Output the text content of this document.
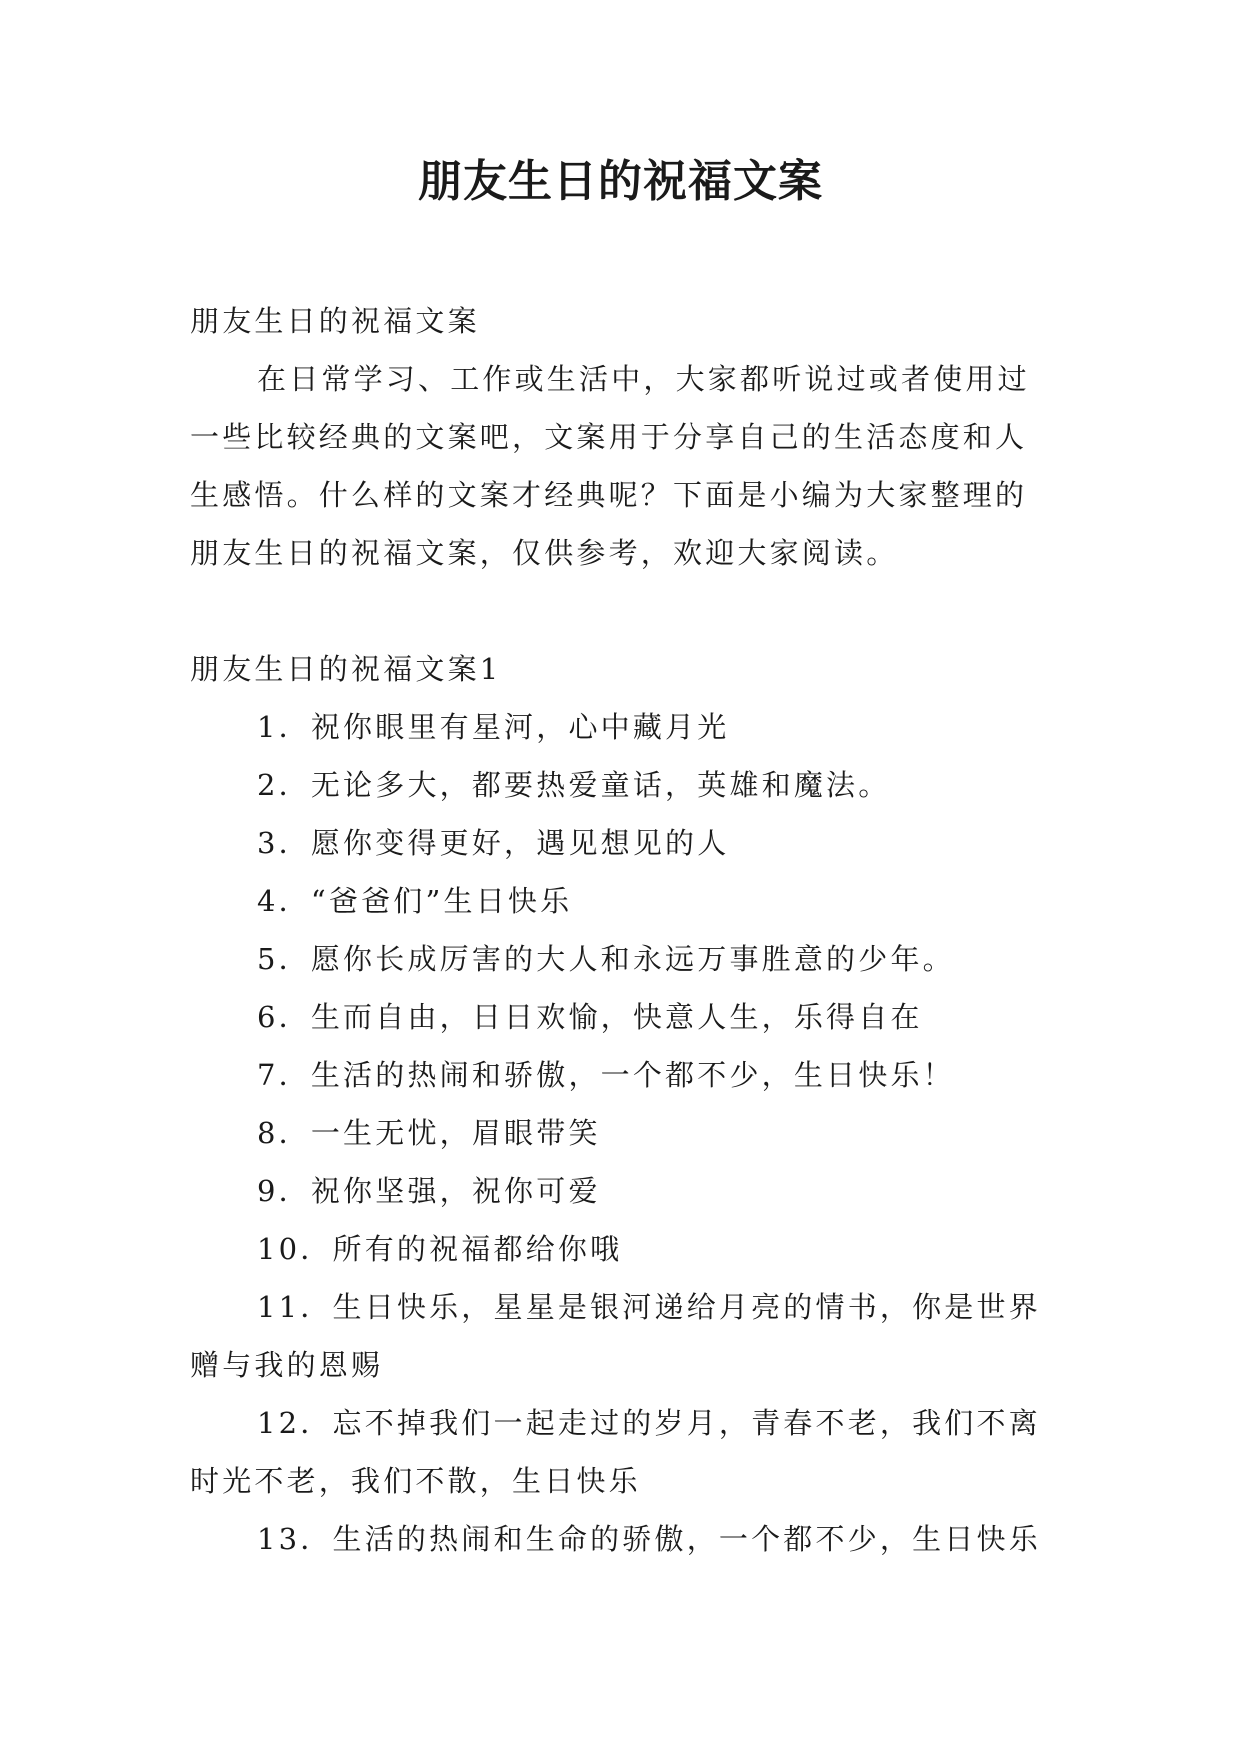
朋友生日的祝福文案

朋友生日的祝福文案

在日常学习、工作或生活中，大家都听说过或者使用过一些比较经典的文案吧，文案用于分享自己的生活态度和人生感悟。什么样的文案才经典呢？下面是小编为大家整理的朋友生日的祝福文案，仅供参考，欢迎大家阅读。

朋友生日的祝福文案1

1．祝你眼里有星河，心中藏月光

2．无论多大，都要热爱童话，英雄和魔法。

3．愿你变得更好，遇见想见的人

4．“爸爸们”生日快乐

5．愿你长成厉害的大人和永远万事胜意的少年。

6．生而自由，日日欢愉，快意人生，乐得自在

7．生活的热闹和骄傲，一个都不少，生日快乐！

8．一生无忧，眉眼带笑

9．祝你坚强，祝你可爱

10．所有的祝福都给你哦

11．生日快乐，星星是银河递给月亮的情书，你是世界赠与我的恩赐

12．忘不掉我们一起走过的岁月，青春不老，我们不离时光不老，我们不散，生日快乐

13．生活的热闹和生命的骄傲，一个都不少，生日快乐
